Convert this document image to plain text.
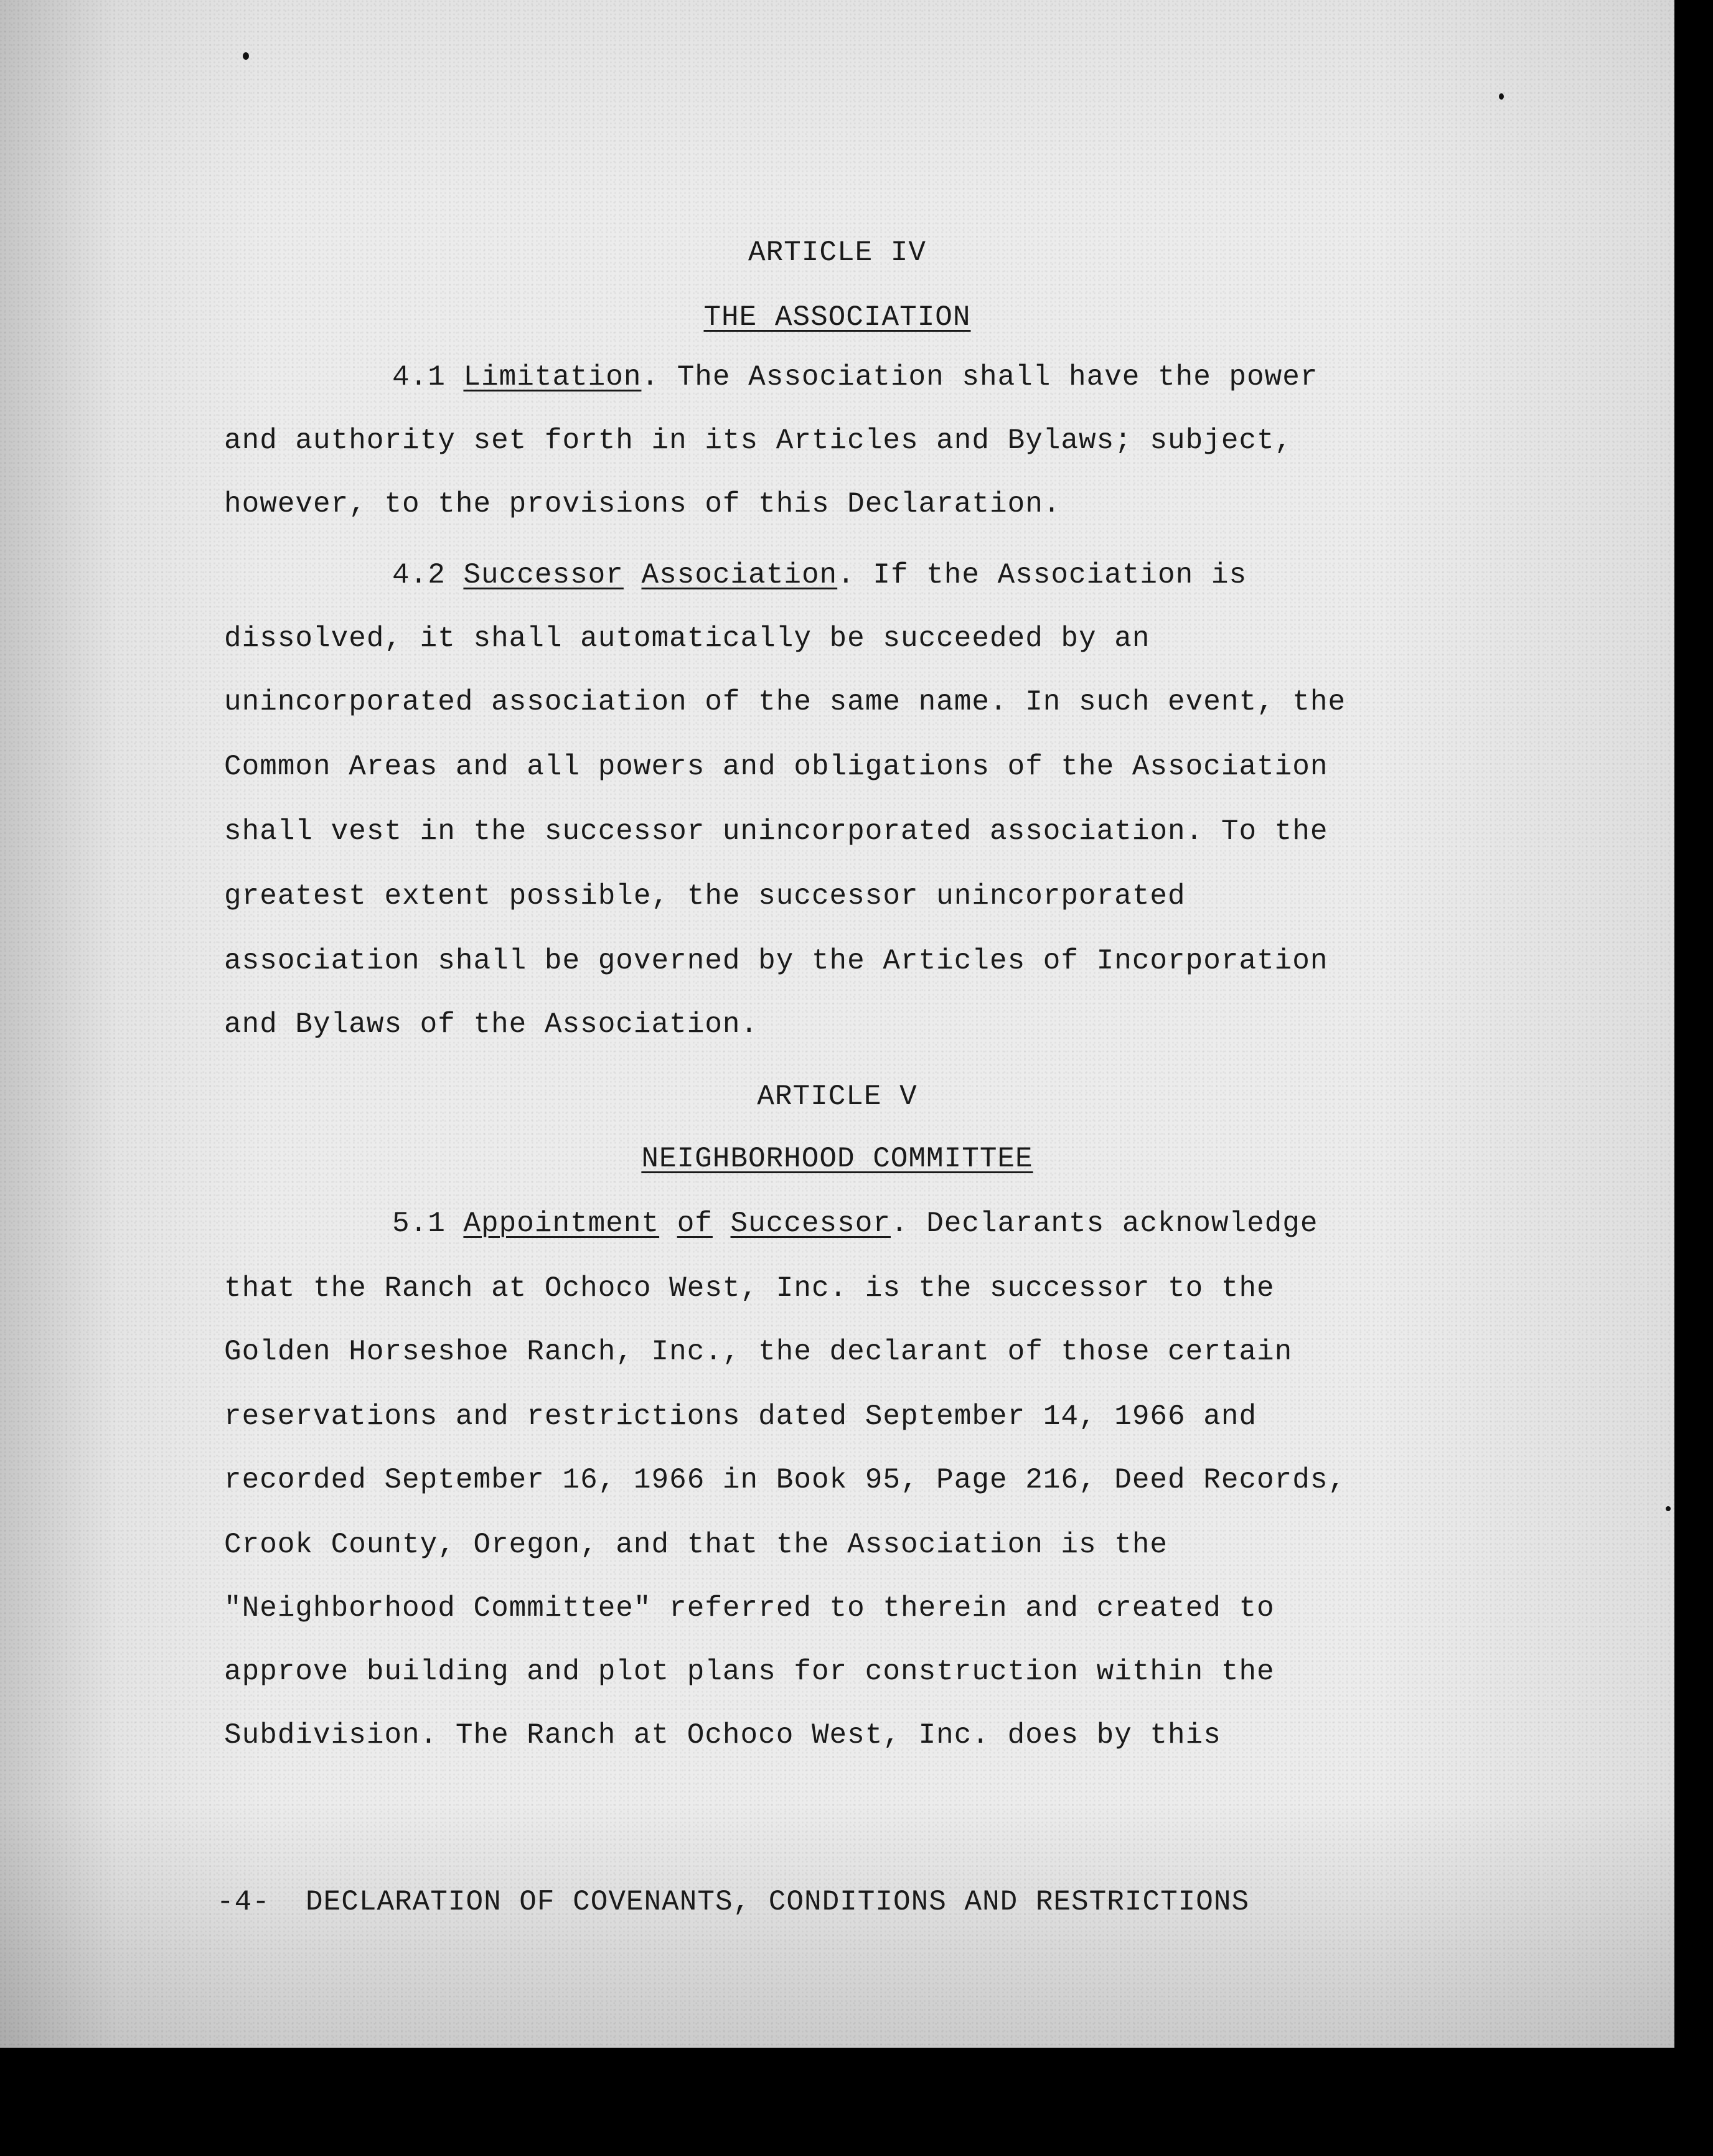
ARTICLE IV
THE ASSOCIATION
4.1 Limitation. The Association shall have the power
and authority set forth in its Articles and Bylaws; subject,
however, to the provisions of this Declaration.
4.2 Successor Association. If the Association is
dissolved, it shall automatically be succeeded by an
unincorporated association of the same name. In such event, the
Common Areas and all powers and obligations of the Association
shall vest in the successor unincorporated association. To the
greatest extent possible, the successor unincorporated
association shall be governed by the Articles of Incorporation
and Bylaws of the Association.
ARTICLE V
NEIGHBORHOOD COMMITTEE
5.1 Appointment of Successor. Declarants acknowledge
that the Ranch at Ochoco West, Inc. is the successor to the
Golden Horseshoe Ranch, Inc., the declarant of those certain
reservations and restrictions dated September 14, 1966 and
recorded September 16, 1966 in Book 95, Page 216, Deed Records,
Crook County, Oregon, and that the Association is the
"Neighborhood Committee" referred to therein and created to
approve building and plot plans for construction within the
Subdivision. The Ranch at Ochoco West, Inc. does by this
-4- DECLARATION OF COVENANTS, CONDITIONS AND RESTRICTIONS
